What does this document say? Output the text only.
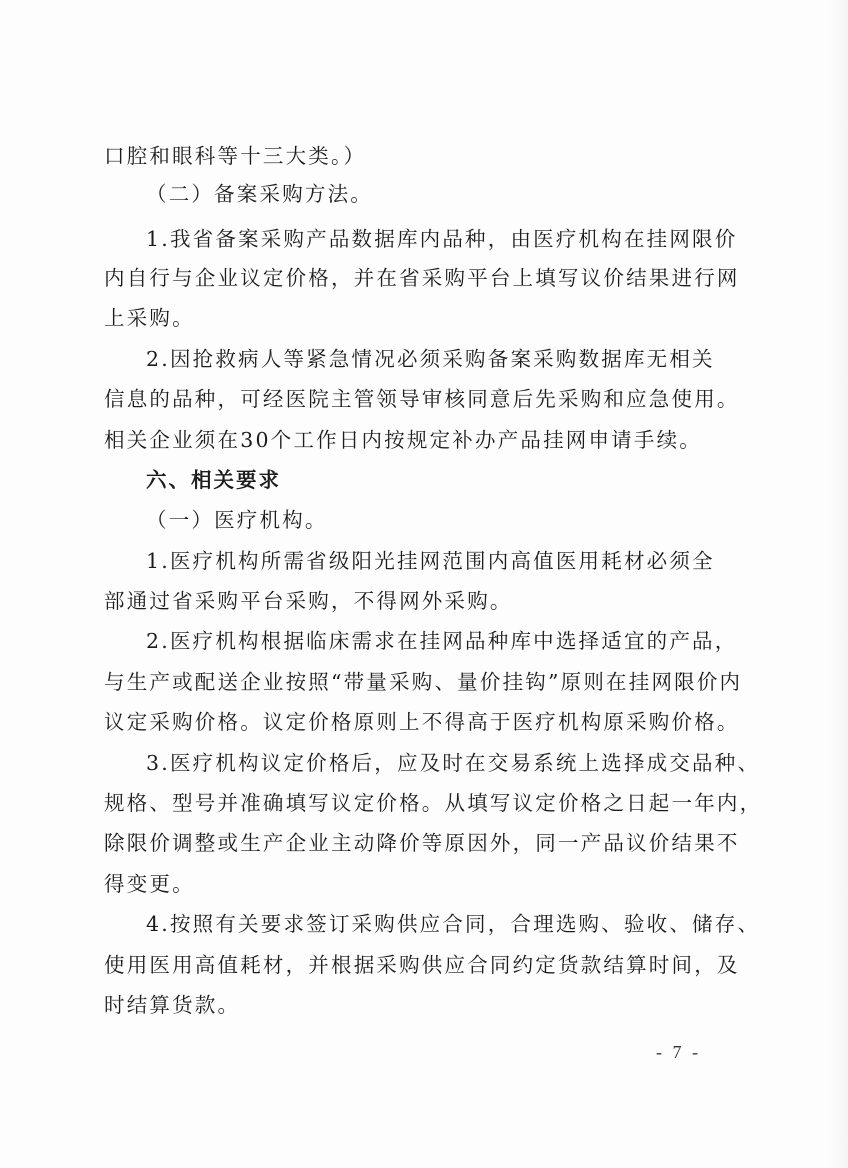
口腔和眼科等十三大类。）

（二）备案采购方法。

1.我省备案采购产品数据库内品种，由医疗机构在挂网限价

内自行与企业议定价格，并在省采购平台上填写议价结果进行网

上采购。

2.因抢救病人等紧急情况必须采购备案采购数据库无相关

信息的品种，可经医院主管领导审核同意后先采购和应急使用。

相关企业须在30个工作日内按规定补办产品挂网申请手续。

六、相关要求

（一）医疗机构。

1.医疗机构所需省级阳光挂网范围内高值医用耗材必须全

部通过省采购平台采购，不得网外采购。

2.医疗机构根据临床需求在挂网品种库中选择适宜的产品，

与生产或配送企业按照“带量采购、量价挂钩”原则在挂网限价内

议定采购价格。议定价格原则上不得高于医疗机构原采购价格。

3.医疗机构议定价格后，应及时在交易系统上选择成交品种、

规格、型号并准确填写议定价格。从填写议定价格之日起一年内，

除限价调整或生产企业主动降价等原因外，同一产品议价结果不

得变更。

4.按照有关要求签订采购供应合同，合理选购、验收、储存、

使用医用高值耗材，并根据采购供应合同约定货款结算时间，及

时结算货款。

- 7 -
